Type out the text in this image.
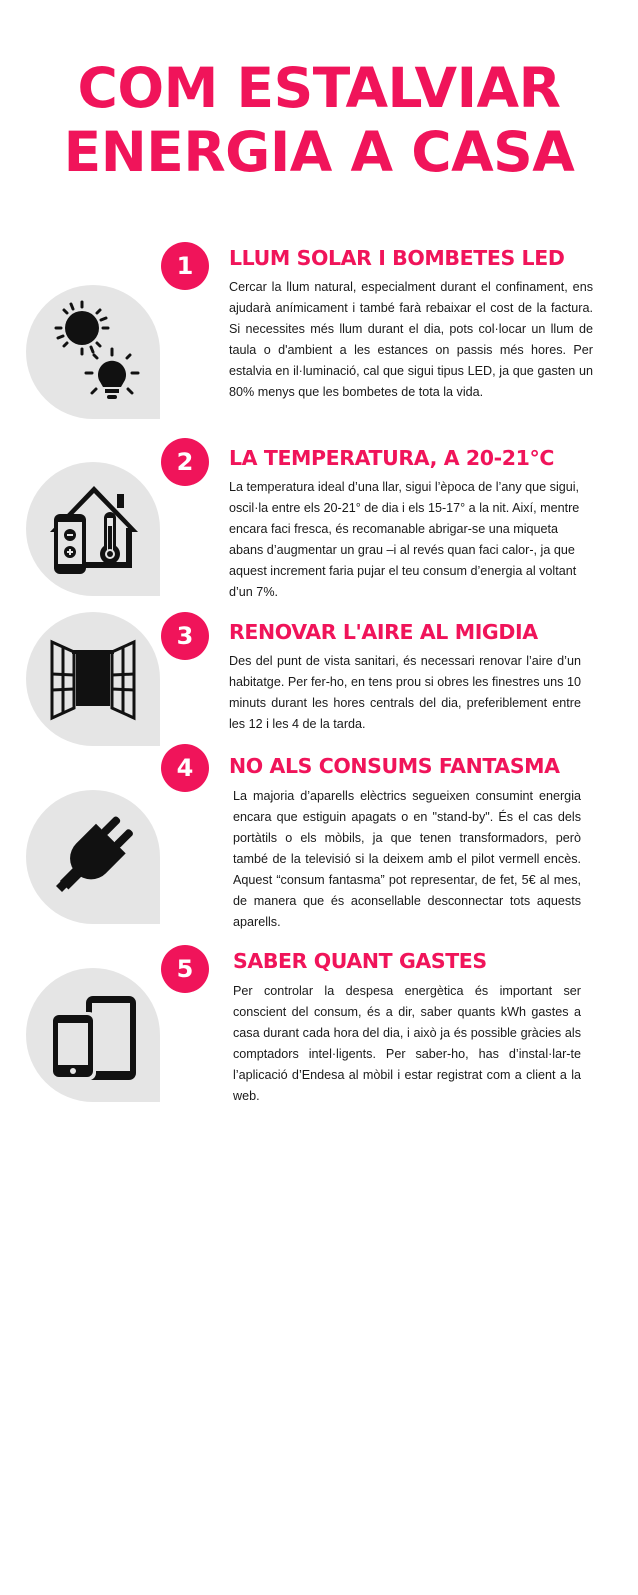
COM ESTALVIAR
ENERGIA A CASA
1	LLUM SOLAR I BOMBETES LED
Cercar la llum natural, especialment durant el confinament, ens ajudarà anímicament i també farà rebaixar el cost de la factura. Si necessites més llum durant el dia, pots col·locar un llum de taula o d'ambient a les estances on passis més hores. Per estalvia en il·luminació, cal que sigui tipus LED, ja que gasten un 80% menys que les bombetes de tota la vida.
2	LA TEMPERATURA, A 20-21°C
La temperatura ideal d’una llar, sigui l’època de l’any que sigui, oscil·la entre els 20-21° de dia i els 15-17° a la nit. Així, mentre encara faci fresca, és recomanable abrigar-se una miqueta abans d’augmentar un grau –i al revés quan faci calor-, ja que aquest increment faria pujar el teu consum d’energia al voltant d’un 7%.
3	RENOVAR L'AIRE AL MIGDIA
Des del punt de vista sanitari, és necessari renovar l’aire d’un habitatge. Per fer-ho, en tens prou si obres les finestres uns 10 minuts durant les hores centrals del dia, preferiblement entre les 12 i les 4 de la tarda.
4	NO ALS CONSUMS FANTASMA
La majoria d’aparells elèctrics segueixen consumint energia encara que estiguin apagats o en "stand-by". És el cas dels portàtils o els mòbils, ja que tenen transformadors, però també de la televisió si la deixem amb el pilot vermell encès. Aquest “consum fantasma” pot representar, de fet, 5€ al mes, de manera que és aconsellable desconnectar tots aquests aparells.
5	SABER QUANT GASTES
Per controlar la despesa energètica és important ser conscient del consum, és a dir, saber quants kWh gastes a casa durant cada hora del dia, i això ja és possible gràcies als comptadors intel·ligents. Per saber-ho, has d’instal·lar-te l’aplicació d’Endesa al mòbil i estar registrat com a client a la web.
